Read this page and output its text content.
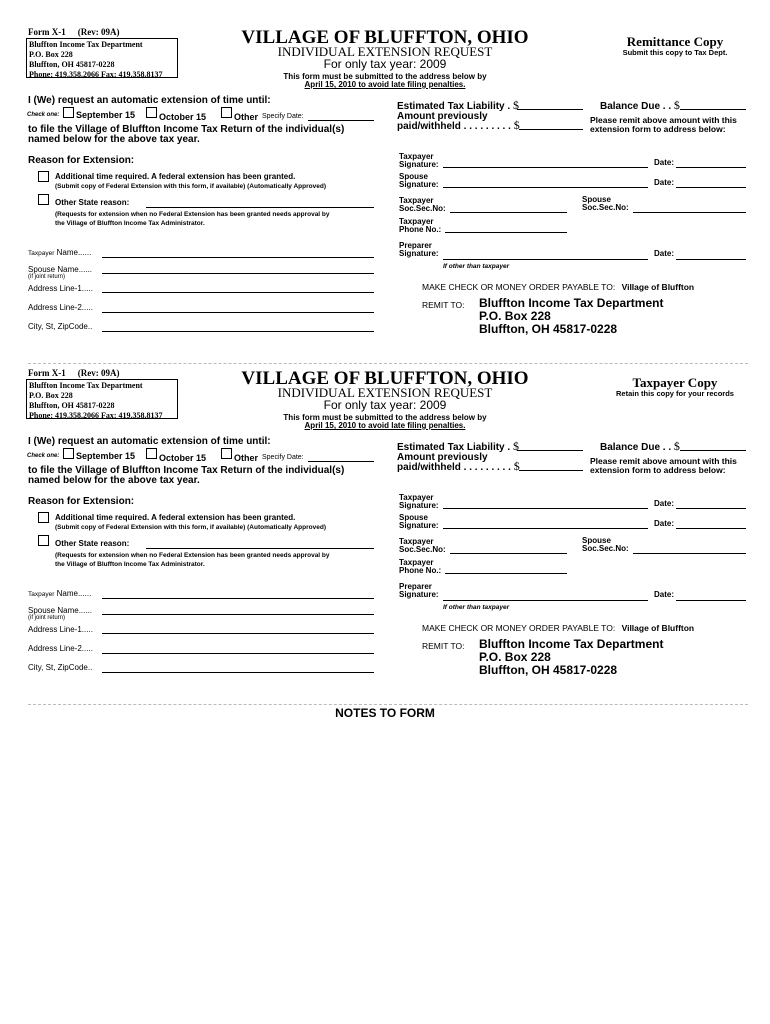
Form X-1 (Rev: 09A)
Bluffton Income Tax Department
P.O. Box 228
Bluffton, OH 45817-0228
Phone: 419.358.2066 Fax: 419.358.8137
VILLAGE OF BLUFFTON, OHIO
INDIVIDUAL EXTENSION REQUEST
For only tax year: 2009
This form must be submitted to the address below by
April 15, 2010 to avoid late filing penalties.
Remittance Copy
Submit this copy to Tax Dept.
I (We) request an automatic extension of time until:
Check one: September 15	October 15	Other Specify Date:
to file the Village of Bluffton Income Tax Return of the individual(s)
named below for the above tax year.
Reason for Extension:
Additional time required. A federal extension has been granted.
(Submit copy of Federal Extension with this form, if available) (Automatically Approved)
Other State reason:
(Requests for extension when no Federal Extension has been granted needs approval by
the Village of Bluffton Income Tax Administrator.
Taxpayer Name......
Spouse Name......
(if joint return)
Address Line-1.....
Address Line-2.....
City, St, ZipCode..
Estimated Tax Liability . $	Balance Due . . $
Amount previously
paid/withheld . . . . . . . . . $	Please remit above amount with this
extension form to address below:
Taxpayer
Signature:	Date:
Spouse
Signature:	Date:
Taxpayer
Soc.Sec.No:
Spouse
Soc.Sec.No:
Taxpayer
Phone No.:
Preparer
Signature:	Date:
If other than taxpayer
MAKE CHECK OR MONEY ORDER PAYABLE TO: Village of Bluffton
REMIT TO: Bluffton Income Tax Department
P.O. Box 228
Bluffton, OH 45817-0228
Form X-1 (Rev: 09A)
Bluffton Income Tax Department
P.O. Box 228
Bluffton, OH 45817-0228
Phone: 419.358.2066 Fax: 419.358.8137
VILLAGE OF BLUFFTON, OHIO
INDIVIDUAL EXTENSION REQUEST
For only tax year: 2009
This form must be submitted to the address below by
April 15, 2010 to avoid late filing penalties.
Taxpayer Copy
Retain this copy for your records
I (We) request an automatic extension of time until:
Check one: September 15	October 15	Other Specify Date:
to file the Village of Bluffton Income Tax Return of the individual(s)
named below for the above tax year.
Reason for Extension:
Additional time required. A federal extension has been granted.
(Submit copy of Federal Extension with this form, if available) (Automatically Approved)
Other State reason:
(Requests for extension when no Federal Extension has been granted needs approval by
the Village of Bluffton Income Tax Administrator.
Taxpayer Name......
Spouse Name......
(if joint return)
Address Line-1.....
Address Line-2.....
City, St, ZipCode..
Estimated Tax Liability . $	Balance Due . . $
Amount previously
paid/withheld . . . . . . . . . $	Please remit above amount with this
extension form to address below:
Taxpayer
Signature:	Date:
Spouse
Signature:	Date:
Taxpayer
Soc.Sec.No:
Spouse
Soc.Sec.No:
Taxpayer
Phone No.:
Preparer
Signature:	Date:
If other than taxpayer
MAKE CHECK OR MONEY ORDER PAYABLE TO: Village of Bluffton
REMIT TO: Bluffton Income Tax Department
P.O. Box 228
Bluffton, OH 45817-0228
NOTES TO FORM
